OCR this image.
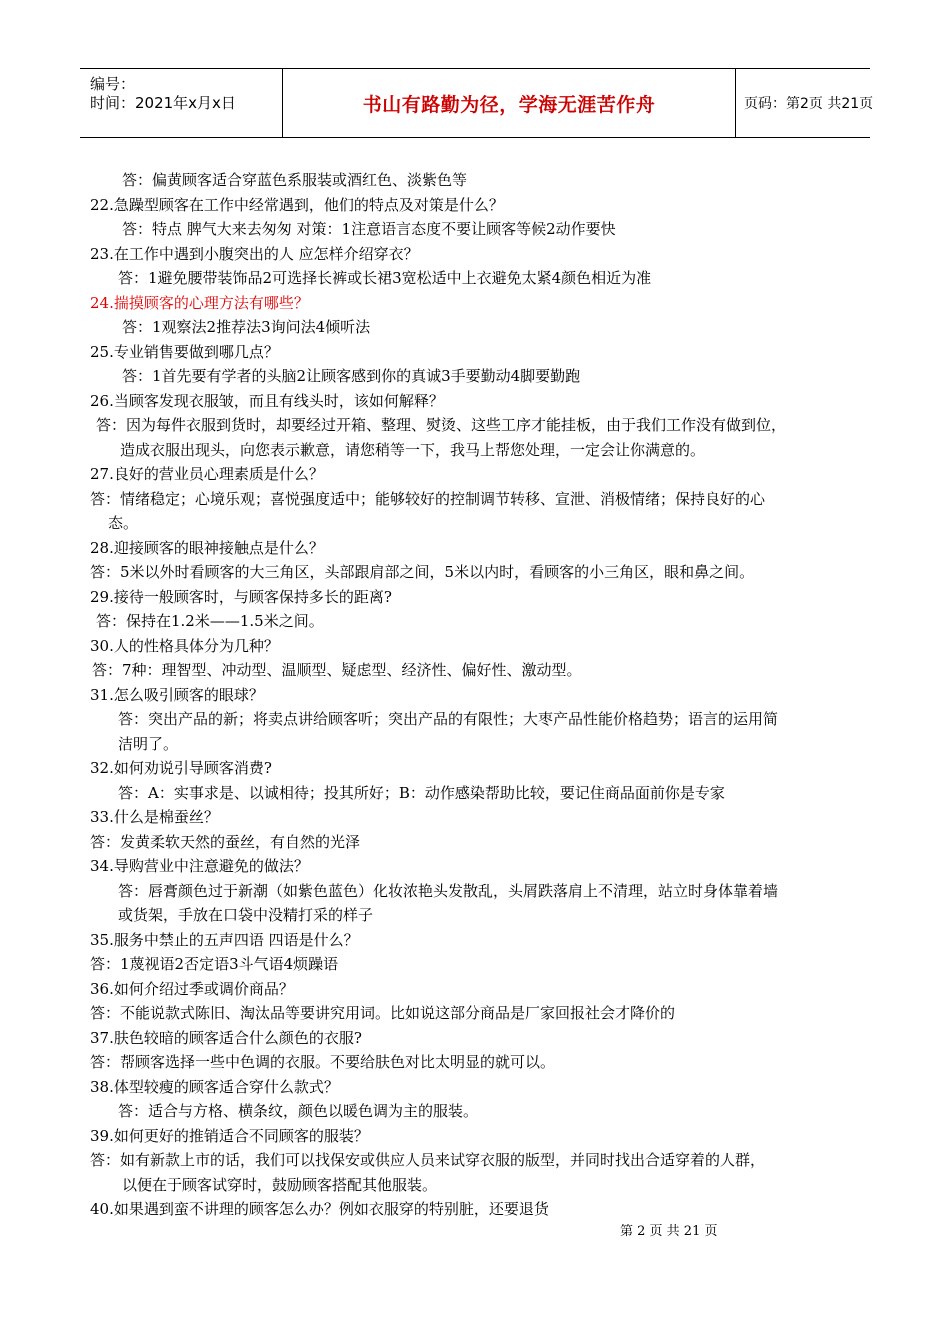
编号：
时间：2021年x月x日	书山有路勤为径，学海无涯苦作舟	页码：第2页 共21页
答：偏黄顾客适合穿蓝色系服装或酒红色、淡紫色等
22.急躁型顾客在工作中经常遇到，他们的特点及对策是什么？
答：特点 脾气大来去匆匆 对策：1注意语言态度不要让顾客等候2动作要快
23.在工作中遇到小腹突出的人 应怎样介绍穿衣？
答：1避免腰带装饰品2可选择长裤或长裙3宽松适中上衣避免太紧4颜色相近为准
24.揣摸顾客的心理方法有哪些？
答：1观察法2推荐法3询问法4倾听法
25.专业销售要做到哪几点？
答：1首先要有学者的头脑2让顾客感到你的真诚3手要勤动4脚要勤跑
26.当顾客发现衣服皱，而且有线头时，该如何解释？
答：因为每件衣服到货时，却要经过开箱、整理、熨烫、这些工序才能挂板，由于我们工作没有做到位，
造成衣服出现头，向您表示歉意，请您稍等一下，我马上帮您处理，一定会让你满意的。
27.良好的营业员心理素质是什么？
答：情绪稳定；心境乐观；喜悦强度适中；能够较好的控制调节转移、宣泄、消极情绪；保持良好的心
态。
28.迎接顾客的眼神接触点是什么？
答：5米以外时看顾客的大三角区，头部跟肩部之间，5米以内时，看顾客的小三角区，眼和鼻之间。
29.接待一般顾客时，与顾客保持多长的距离?
答：保持在1.2米——1.5米之间。
30.人的性格具体分为几种？
答：7种：理智型、冲动型、温顺型、疑虑型、经济性、偏好性、激动型。
31.怎么吸引顾客的眼球？
答：突出产品的新；将卖点讲给顾客听；突出产品的有限性；大枣产品性能价格趋势；语言的运用简
洁明了。
32.如何劝说引导顾客消费?
答：A：实事求是、以诚相待；投其所好；B：动作感染帮助比较，要记住商品面前你是专家
33.什么是棉蚕丝？
答：发黄柔软天然的蚕丝，有自然的光泽
34.导购营业中注意避免的做法？
答：唇膏颜色过于新潮（如紫色蓝色）化妆浓艳头发散乱，头屑跌落肩上不清理，站立时身体靠着墙
或货架，手放在口袋中没精打采的样子
35.服务中禁止的五声四语 四语是什么？
答：1蔑视语2否定语3斗气语4烦躁语
36.如何介绍过季或调价商品？
答：不能说款式陈旧、淘汰品等要讲究用词。比如说这部分商品是厂家回报社会才降价的
37.肤色较暗的顾客适合什么颜色的衣服?
答：帮顾客选择一些中色调的衣服。不要给肤色对比太明显的就可以。
38.体型较瘦的顾客适合穿什么款式？
答：适合与方格、横条纹，颜色以暖色调为主的服装。
39.如何更好的推销适合不同顾客的服装？
答：如有新款上市的话，我们可以找保安或供应人员来试穿衣服的版型，并同时找出合适穿着的人群，
以便在于顾客试穿时，鼓励顾客搭配其他服装。
40.如果遇到蛮不讲理的顾客怎么办？例如衣服穿的特别脏，还要退货
第 2 页 共 21 页
